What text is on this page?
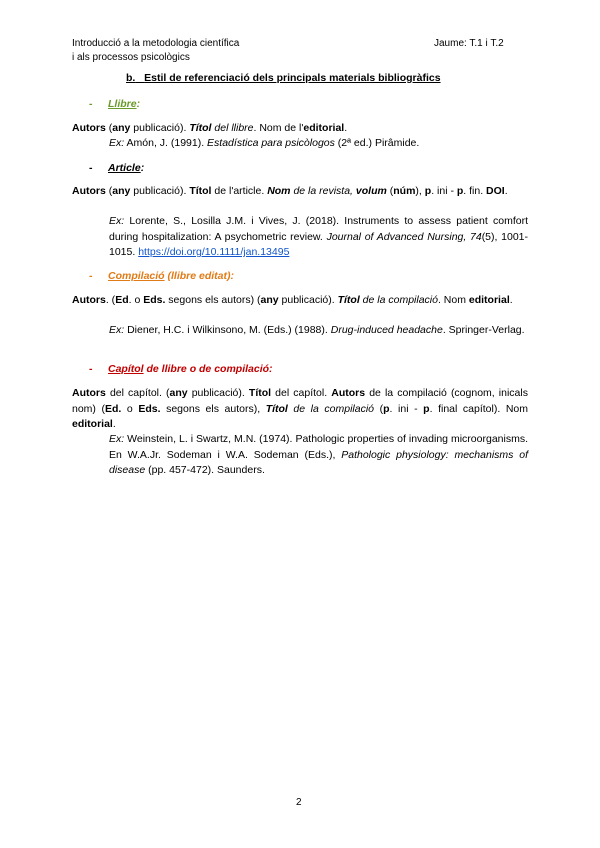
Introducció a la metodologia científica
i als processos psicològics
Jaume: T.1 i T.2
b. Estil de referenciació dels principals materials bibliogràfics
- Llibre:
Autors (any publicació). Títol del llibre. Nom de l'editorial.
Ex: Amón, J. (1991). Estadística para psicòlogos (2ª ed.) Pirâmide.
- Article:
Autors (any publicació). Títol de l'article. Nom de la revista, volum (núm), p. ini - p. fin. DOI.
Ex: Lorente, S., Losilla J.M. i Vives, J. (2018). Instruments to assess patient comfort during hospitalization: A psychometric review. Journal of Advanced Nursing, 74(5), 1001-1015. https://doi.org/10.1111/jan.13495
- Compilació (llibre editat):
Autors. (Ed. o Eds. segons els autors) (any publicació). Títol de la compilació. Nom editorial.
Ex: Diener, H.C. i Wilkinsono, M. (Eds.) (1988). Drug-induced headache. Springer-Verlag.
- Capítol de llibre o de compilació:
Autors del capítol. (any publicació). Títol del capítol. Autors de la compilació (cognom, inicals nom) (Ed. o Eds. segons els autors), Títol de la compilació (p. ini - p. final capítol). Nom editorial.
Ex: Weinstein, L. i Swartz, M.N. (1974). Pathologic properties of invading microorganisms. En W.A.Jr. Sodeman i W.A. Sodeman (Eds.), Pathologic physiology: mechanisms of disease (pp. 457-472). Saunders.
2
